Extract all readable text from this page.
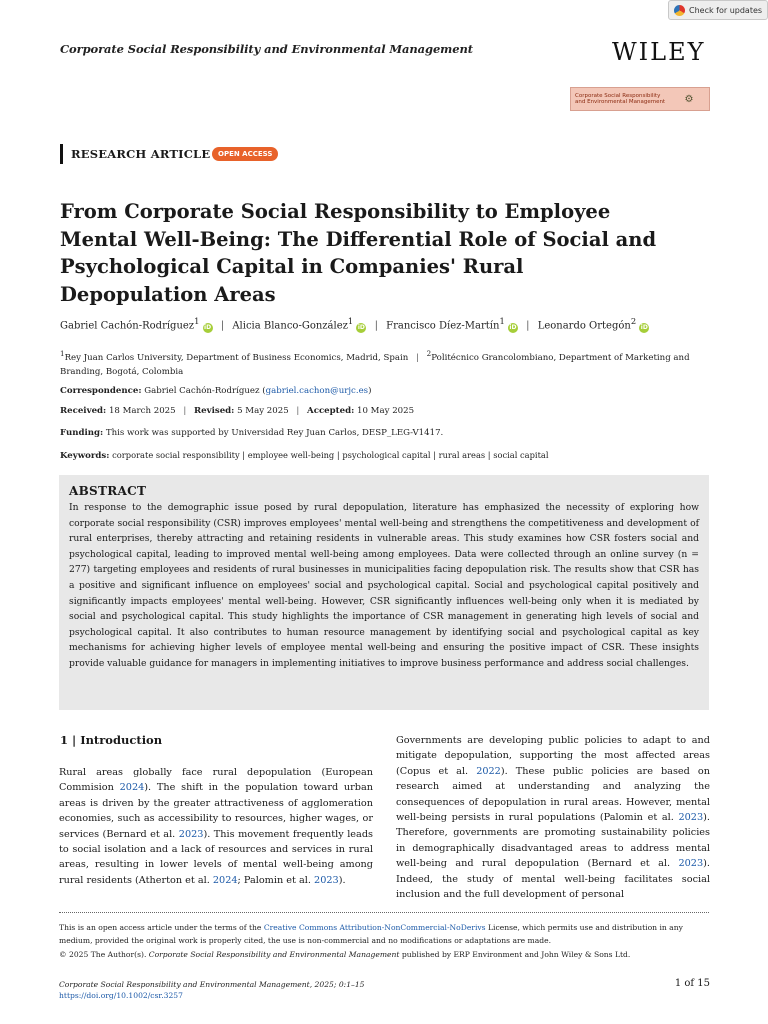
Check for updates
Corporate Social Responsibility and Environmental Management	WILEY
Corporate Social Responsibility and Environmental Management	⚙
RESEARCH ARTICLE	OPEN ACCESS
From Corporate Social Responsibility to Employee Mental Well-Being: The Differential Role of Social and Psychological Capital in Companies' Rural Depopulation Areas
Gabriel Cachón-Rodríguez$^1$ iD | Alicia Blanco-González$^1$ iD | Francisco Díez-Martín$^1$ iD | Leonardo Ortegón$^2$ iD
$^1$Rey Juan Carlos University, Department of Business Economics, Madrid, Spain | $^2$Politécnico Grancolombiano, Department of Marketing and Branding, Bogotá, Colombia
Correspondence: Gabriel Cachón-Rodríguez (gabriel.cachon@urjc.es)
Received: 18 March 2025 | Revised: 5 May 2025 | Accepted: 10 May 2025
Funding: This work was supported by Universidad Rey Juan Carlos, DESP_LEG-V1417.
Keywords: corporate social responsibility | employee well-being | psychological capital | rural areas | social capital
ABSTRACT

In response to the demographic issue posed by rural depopulation, literature has emphasized the necessity of exploring how corporate social responsibility (CSR) improves employees' mental well-being and strengthens the competitiveness and development of rural enterprises, thereby attracting and retaining residents in vulnerable areas. This study examines how CSR fosters social and psychological capital, leading to improved mental well-being among employees. Data were collected through an online survey (n = 277) targeting employees and residents of rural businesses in municipalities facing depopulation risk. The results show that CSR has a positive and significant influence on employees' social and psychological capital. Social and psychological capital positively and significantly impacts employees' mental well-being. However, CSR significantly influences well-being only when it is mediated by social and psychological capital. This study highlights the importance of CSR management in generating high levels of social and psychological capital. It also contributes to human resource management by identifying social and psychological capital as key mechanisms for achieving higher levels of employee mental well-being and ensuring the positive impact of CSR. These insights provide valuable guidance for managers in implementing initiatives to improve business performance and address social challenges.

1 | Introduction
Rural areas globally face rural depopulation (European Commision 2024). The shift in the population toward urban areas is driven by the greater attractiveness of agglomeration economies, such as accessibility to resources, higher wages, or services (Bernard et al. 2023). This movement frequently leads to social isolation and a lack of resources and services in rural areas, resulting in lower levels of mental well-being among rural residents (Atherton et al. 2024; Palomin et al. 2023).
Governments are developing public policies to adapt to and mitigate depopulation, supporting the most affected areas (Copus et al. 2022). These public policies are based on research aimed at understanding and analyzing the consequences of depopulation in rural areas. However, mental well-being persists in rural populations (Palomin et al. 2023). Therefore, governments are promoting sustainability policies in demographically disadvantaged areas to address mental well-being and rural depopulation (Bernard et al. 2023). Indeed, the study of mental well-being facilitates social inclusion and the full development of personal
This is an open access article under the terms of the Creative Commons Attribution-NonCommercial-NoDerivs License, which permits use and distribution in any medium, provided the original work is properly cited, the use is non-commercial and no modifications or adaptations are made.
© 2025 The Author(s). Corporate Social Responsibility and Environmental Management published by ERP Environment and John Wiley & Sons Ltd.
Corporate Social Responsibility and Environmental Management, 2025; 0:1–15
https://doi.org/10.1002/csr.3257
1 of 15
